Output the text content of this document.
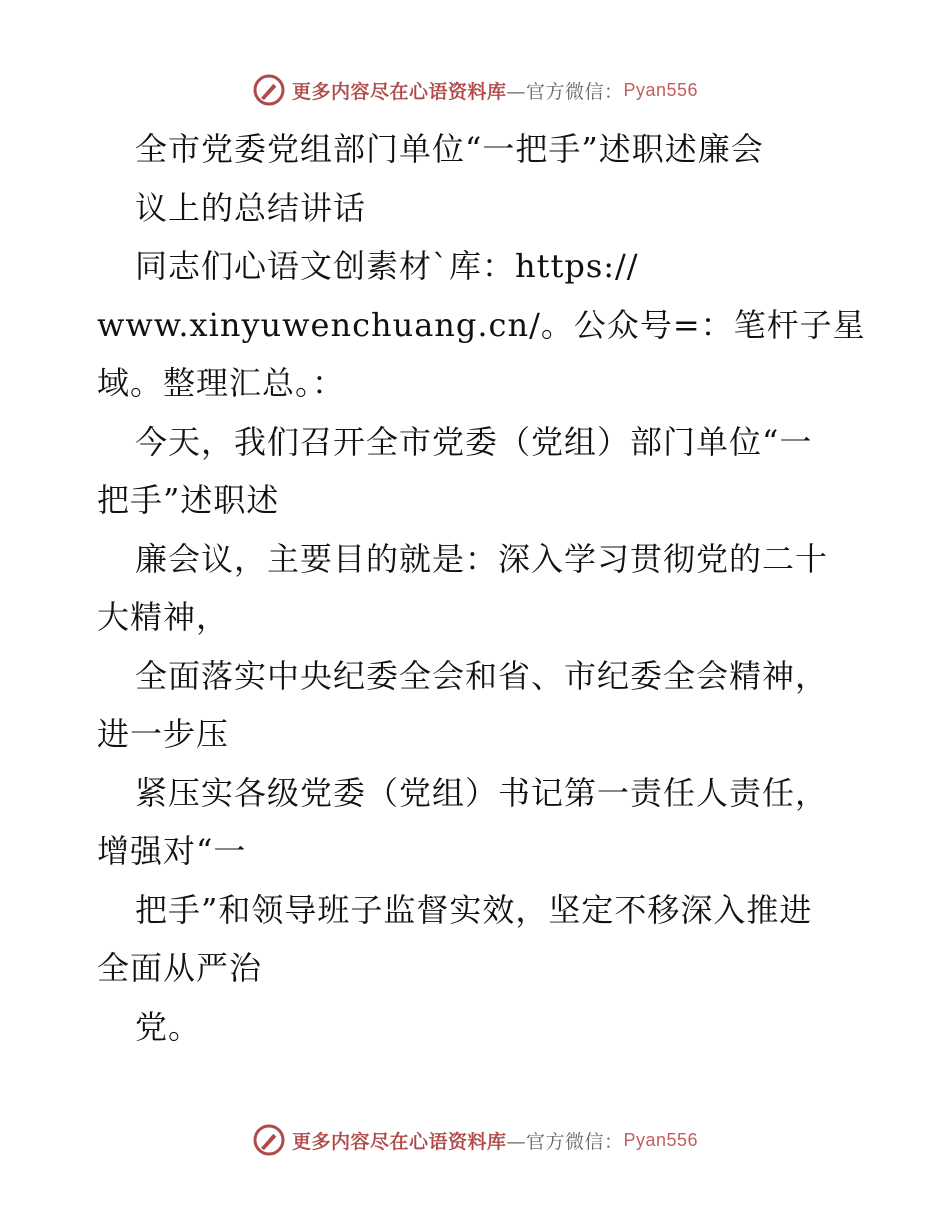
更多内容尽在心语资料库 —官方微信： Pyan556
全市党委党组部门单位“一把手”述职述廉会
议上的总结讲话
同志们心语文创素材`库：https://
www.xinyuwenchuang.cn/。公众号=：笔杆子星
域。整理汇总。：
今天，我们召开全市党委（党组）部门单位“一
把手”述职述
廉会议，主要目的就是：深入学习贯彻党的二十
大精神，
全面落实中央纪委全会和省、市纪委全会精神，
进一步压
紧压实各级党委（党组）书记第一责任人责任，
增强对“一
把手”和领导班子监督实效，坚定不移深入推进
全面从严治
党。
更多内容尽在心语资料库 —官方微信： Pyan556
